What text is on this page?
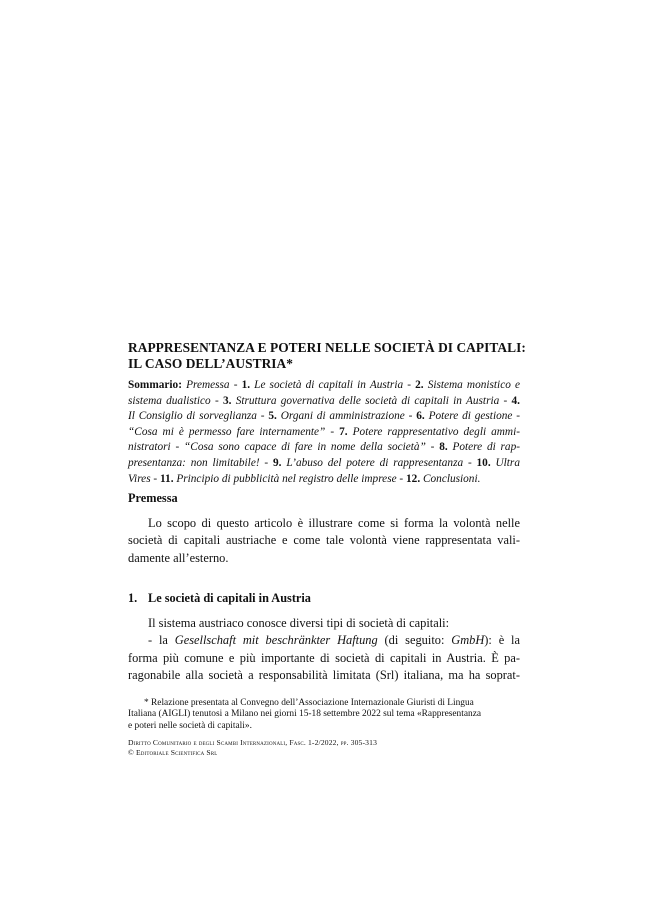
RAPPRESENTANZA E POTERI NELLE SOCIETÀ DI CAPITALI:
IL CASO DELL’AUSTRIA*
Sommario: Premessa - 1. Le società di capitali in Austria - 2. Sistema monistico e
sistema dualistico - 3. Struttura governativa delle società di capitali in Austria - 4.
Il Consiglio di sorveglianza - 5. Organi di amministrazione - 6. Potere di gestione -
“Cosa mi è permesso fare internamente” - 7. Potere rappresentativo degli ammi-
nistratori - “Cosa sono capace di fare in nome della società” - 8. Potere di rap-
presentanza: non limitabile! - 9. L’abuso del potere di rappresentanza - 10. Ultra
Vires - 11. Principio di pubblicità nel registro delle imprese - 12. Conclusioni.
Premessa
Lo scopo di questo articolo è illustrare come si forma la volontà nelle
società di capitali austriache e come tale volontà viene rappresentata vali-
damente all’esterno.
1. Le società di capitali in Austria
Il sistema austriaco conosce diversi tipi di società di capitali:
- la Gesellschaft mit beschränkter Haftung (di seguito: GmbH): è la
forma più comune e più importante di società di capitali in Austria. È pa-
ragonabile alla società a responsabilità limitata (Srl) italiana, ma ha soprat-
* Relazione presentata al Convegno dell’Associazione Internazionale Giuristi di Lingua
Italiana (AIGLI) tenutosi a Milano nei giorni 15-18 settembre 2022 sul tema «Rappresentanza
e poteri nelle società di capitali».
Diritto Comunitario e degli Scambi Internazionali, Fasc. 1-2/2022, pp. 305-313
© Editoriale Scientifica Srl
